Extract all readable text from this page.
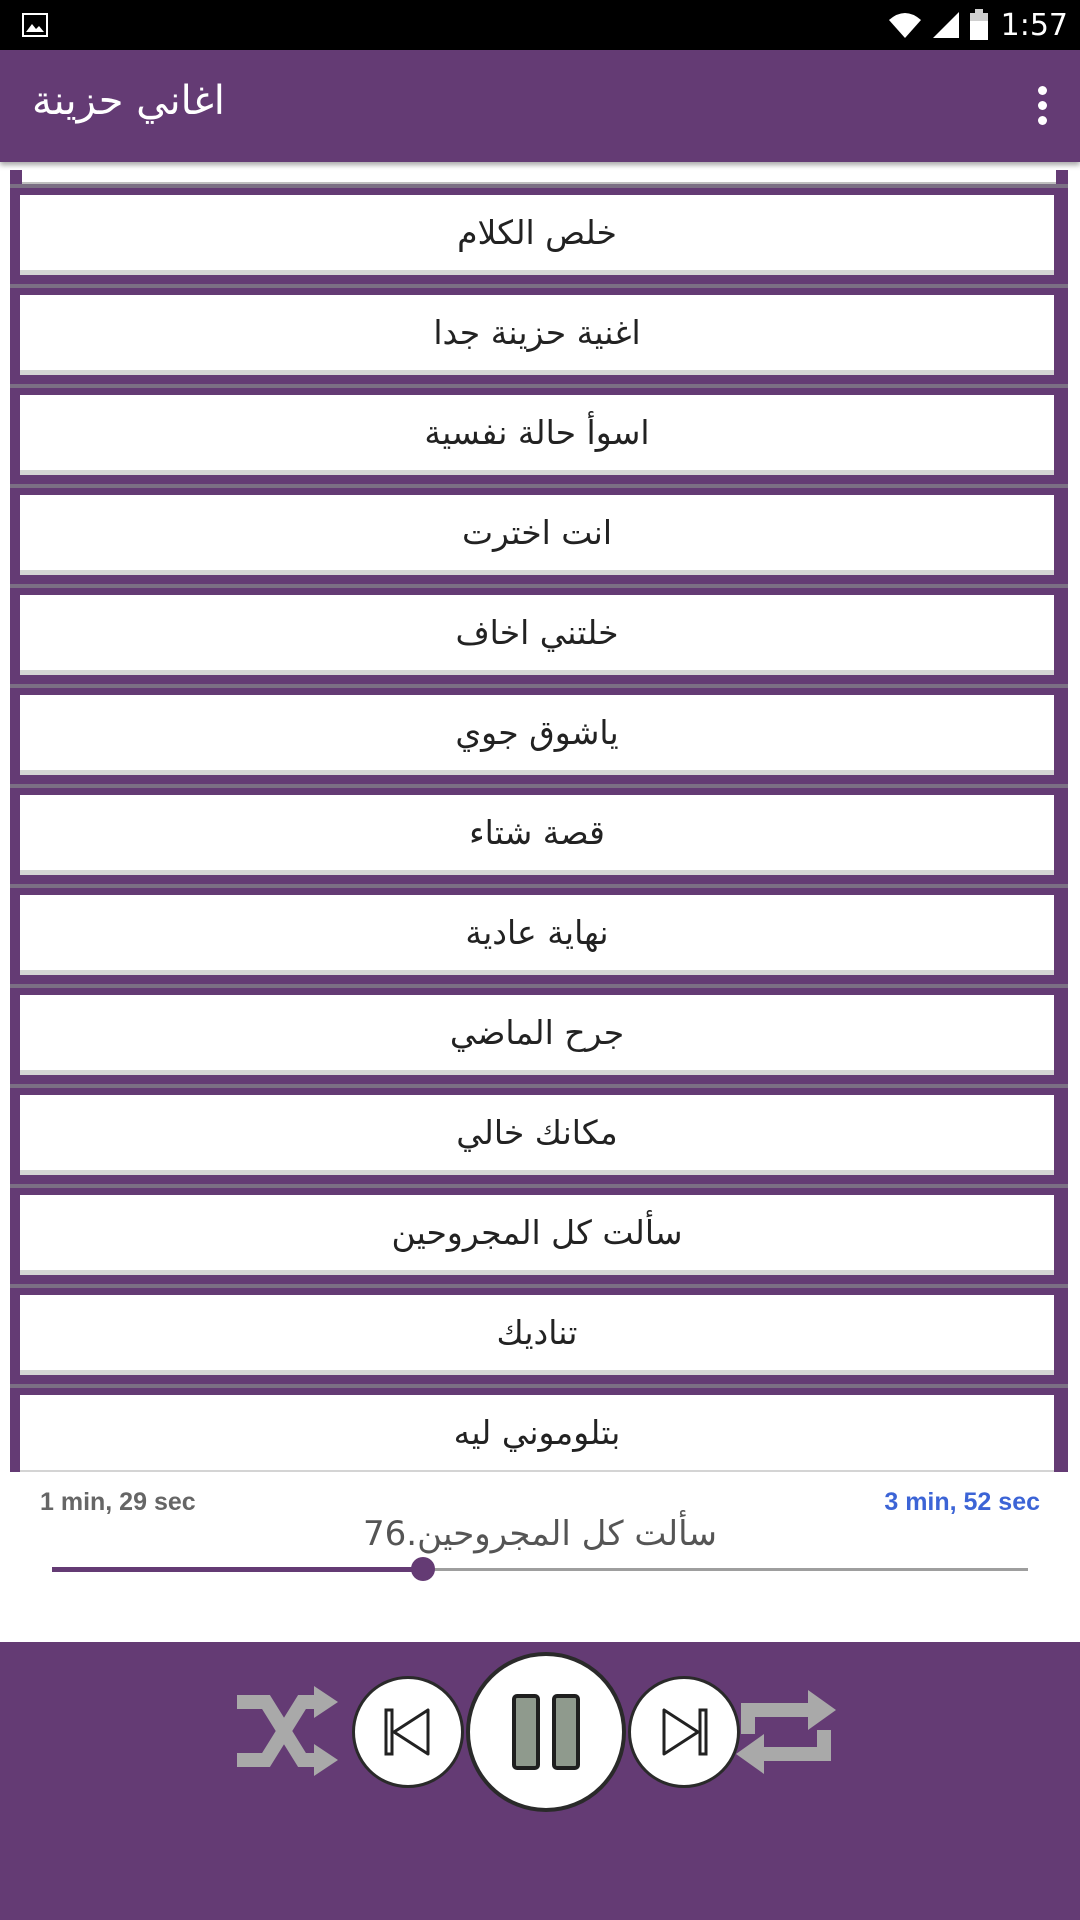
1:57
اغاني حزينة
خلص الكلام
اغنية حزينة جدا
اسوأ حالة نفسية
انت اخترت
خلتني اخاف
ياشوق جوي
قصة شتاء
نهاية عادية
جرح الماضي
مكانك خالي
سألت كل المجروحين
تناديك
بتلوموني ليه
1 min, 29 sec	3 min, 52 sec
76.سألت كل المجروحين
